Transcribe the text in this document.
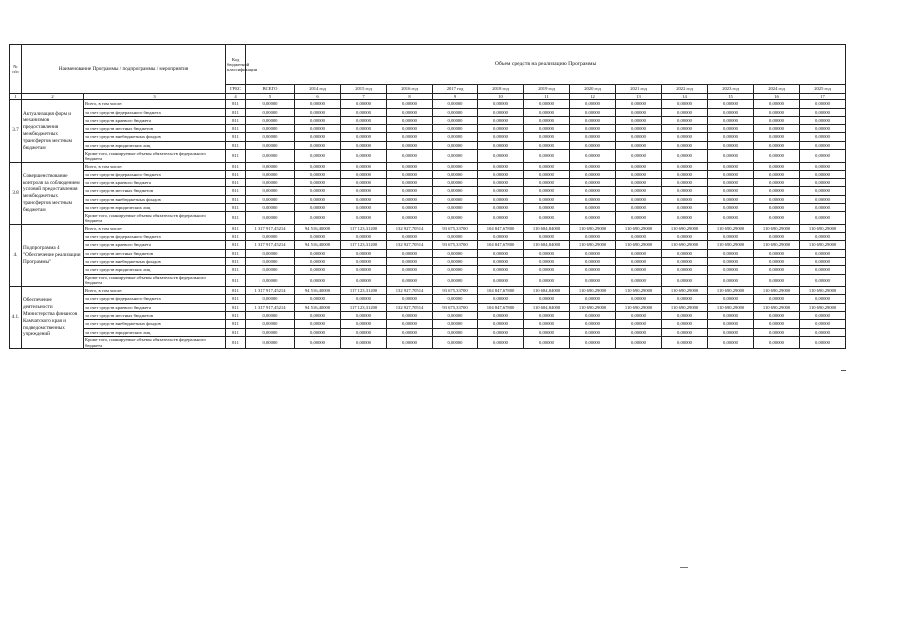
№
п/п	Наименование Программы / подпрограммы / мероприятия		Код бюджетной классификации	Объем средств на реализацию Программы												
			ГРБС	ВСЕГО	2014 год	2015 год	2016 год	2017 год	2018 год	2019 год	2020 год	2021 год	2022 год	2023 год	2024 год	2025 год
1	2	3	4	5	6	7	8	9	10	11	12	13	14	15	16	17
3.7	Актуализация форм и механизмов предоставления межбюджетных трансфертов местным бюджетам	Всего, в том числе:	811	0,00000	0,00000	0,00000	0,00000	0,00000	0,00000	0,00000	0,00000	0,00000	0,00000	0,00000	0,00000	0,00000
		за счет средств федерального бюджета	811	0,00000	0,00000	0,00000	0,00000	0,00000	0,00000	0,00000	0,00000	0,00000	0,00000	0,00000	0,00000	0,00000
		за счет средств краевого бюджета	811	0,00000	0,00000	0,00000	0,00000	0,00000	0,00000	0,00000	0,00000	0,00000	0,00000	0,00000	0,00000	0,00000
		за счет средств местных бюджетов	811	0,00000	0,00000	0,00000	0,00000	0,00000	0,00000	0,00000	0,00000	0,00000	0,00000	0,00000	0,00000	0,00000
		за счет средств внебюджетных фондов	811	0,00000	0,00000	0,00000	0,00000	0,00000	0,00000	0,00000	0,00000	0,00000	0,00000	0,00000	0,00000	0,00000
		за счет средств юридических лиц	811	0,00000	0,00000	0,00000	0,00000	0,00000	0,00000	0,00000	0,00000	0,00000	0,00000	0,00000	0,00000	0,00000
		Кроме того, планируемые объемы обязательств федерального бюджета	811	0,00000	0,00000	0,00000	0,00000	0,00000	0,00000	0,00000	0,00000	0,00000	0,00000	0,00000	0,00000	0,00000
3.8	Совершенствование контроля за соблюдением условий предоставления межбюджетных трансфертов местным бюджетам	Всего, в том числе:	811	0,00000	0,00000	0,00000	0,00000	0,00000	0,00000	0,00000	0,00000	0,00000	0,00000	0,00000	0,00000	0,00000
		за счет средств федерального бюджета	811	0,00000	0,00000	0,00000	0,00000	0,00000	0,00000	0,00000	0,00000	0,00000	0,00000	0,00000	0,00000	0,00000
		за счет средств краевого бюджета	811	0,00000	0,00000	0,00000	0,00000	0,00000	0,00000	0,00000	0,00000	0,00000	0,00000	0,00000	0,00000	0,00000
		за счет средств местных бюджетов	811	0,00000	0,00000	0,00000	0,00000	0,00000	0,00000	0,00000	0,00000	0,00000	0,00000	0,00000	0,00000	0,00000
		за счет средств внебюджетных фондов	811	0,00000	0,00000	0,00000	0,00000	0,00000	0,00000	0,00000	0,00000	0,00000	0,00000	0,00000	0,00000	0,00000
		за счет средств юридических лиц	811	0,00000	0,00000	0,00000	0,00000	0,00000	0,00000	0,00000	0,00000	0,00000	0,00000	0,00000	0,00000	0,00000
		Кроме того, планируемые объемы обязательств федерального бюджета	811	0,00000	0,00000	0,00000	0,00000	0,00000	0,00000	0,00000	0,00000	0,00000	0,00000	0,00000	0,00000	0,00000
4.	Подпрограмма 4 "Обеспечение реализации Программы"	Всего, в том числе:	811	1 317 917,45214	94 516,40000	117 123,31200	132 927,70514	93 675,33700	104 847,67800	110 684,84000	110 690,29000	110 690,29000	110 690,29000	110 690,29000	110 690,29000	110 690,29000
		за счет средств федерального бюджета	811	0,00000	0,00000	0,00000	0,00000	0,00000	0,00000	0,00000	0,00000	0,00000	0,00000	0,00000	0,00000	0,00000
		за счет средств краевого бюджета	811	1 317 917,45214	94 516,40000	117 123,31200	132 927,70514	93 675,33700	104 847,67800	110 684,84000	110 690,29000	110 690,29000	110 690,29000	110 690,29000	110 690,29000	110 690,29000
		за счет средств местных бюджетов	811	0,00000	0,00000	0,00000	0,00000	0,00000	0,00000	0,00000	0,00000	0,00000	0,00000	0,00000	0,00000	0,00000
		за счет средств внебюджетных фондов	811	0,00000	0,00000	0,00000	0,00000	0,00000	0,00000	0,00000	0,00000	0,00000	0,00000	0,00000	0,00000	0,00000
		за счет средств юридических лиц	811	0,00000	0,00000	0,00000	0,00000	0,00000	0,00000	0,00000	0,00000	0,00000	0,00000	0,00000	0,00000	0,00000
		Кроме того, планируемые объемы обязательств федерального бюджета	811	0,00000	0,00000	0,00000	0,00000	0,00000	0,00000	0,00000	0,00000	0,00000	0,00000	0,00000	0,00000	0,00000
4.1.	Обеспечение деятельности Министерства финансов Камчатского края и подведомственных учреждений	Всего, в том числе:	811	1 317 917,45214	94 516,40000	117 123,31200	132 927,70514	93 675,33700	104 847,67800	110 684,84000	110 690,29000	110 690,29000	110 690,29000	110 690,29000	110 690,29000	110 690,29000
		за счет средств федерального бюджета	811	0,00000	0,00000	0,00000	0,00000	0,00000	0,00000	0,00000	0,00000	0,00000	0,00000	0,00000	0,00000	0,00000
		за счет средств краевого бюджета	811	1 317 917,45214	94 516,40000	117 123,31200	132 927,70514	93 675,33700	104 847,67800	110 684,84000	110 690,29000	110 690,29000	110 690,29000	110 690,29000	110 690,29000	110 690,29000
		за счет средств местных бюджетов	811	0,00000	0,00000	0,00000	0,00000	0,00000	0,00000	0,00000	0,00000	0,00000	0,00000	0,00000	0,00000	0,00000
		за счет средств внебюджетных фондов	811	0,00000	0,00000	0,00000	0,00000	0,00000	0,00000	0,00000	0,00000	0,00000	0,00000	0,00000	0,00000	0,00000
		за счет средств юридических лиц	811	0,00000	0,00000	0,00000	0,00000	0,00000	0,00000	0,00000	0,00000	0,00000	0,00000	0,00000	0,00000	0,00000
		Кроме того, планируемые объемы обязательств федерального бюджета	811	0,00000	0,00000	0,00000	0,00000	0,00000	0,00000	0,00000	0,00000	0,00000	0,00000	0,00000	0,00000	0,00000
